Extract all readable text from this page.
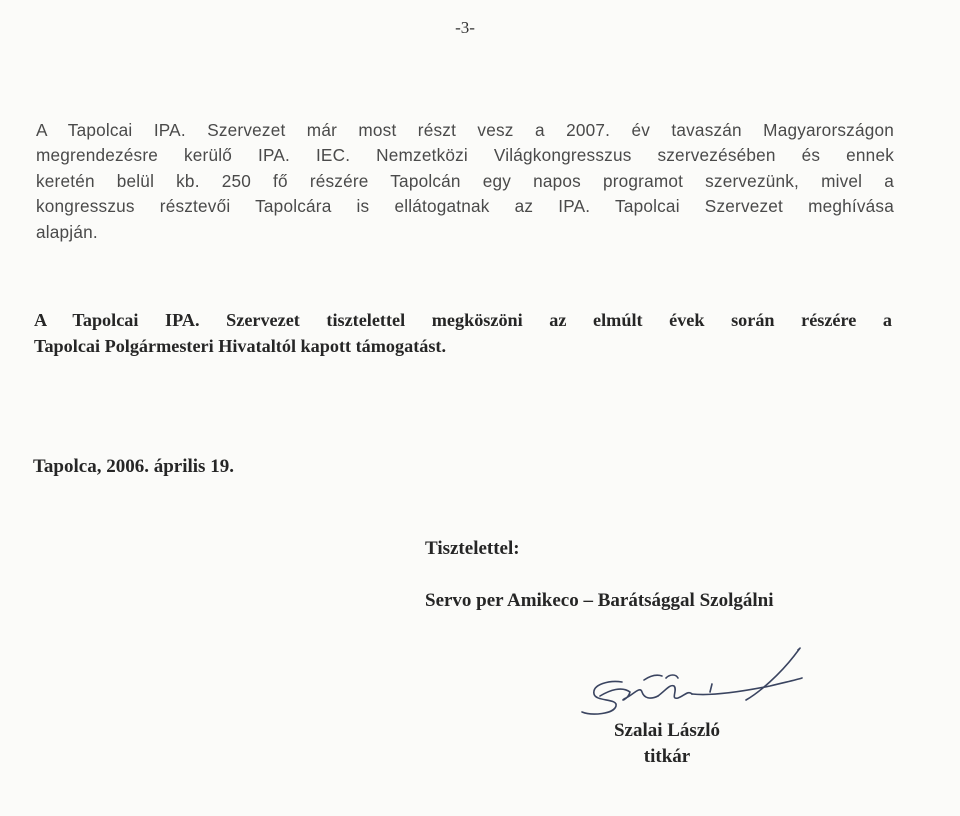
-3-
A Tapolcai IPA. Szervezet már most részt vesz a 2007. év tavaszán Magyarországon
megrendezésre kerülő IPA. IEC. Nemzetközi Világkongresszus szervezésében és ennek
keretén belül kb. 250 fő részére Tapolcán egy napos programot szervezünk, mivel a
kongresszus résztevői Tapolcára is ellátogatnak az IPA. Tapolcai Szervezet meghívása
alapján.
A Tapolcai IPA. Szervezet tisztelettel megköszöni az elmúlt évek során részére a
Tapolcai Polgármesteri Hivataltól kapott támogatást.
Tapolca, 2006. április 19.
Tisztelettel:
Servo per Amikeco – Barátsággal Szolgálni
Szalai László
titkár
